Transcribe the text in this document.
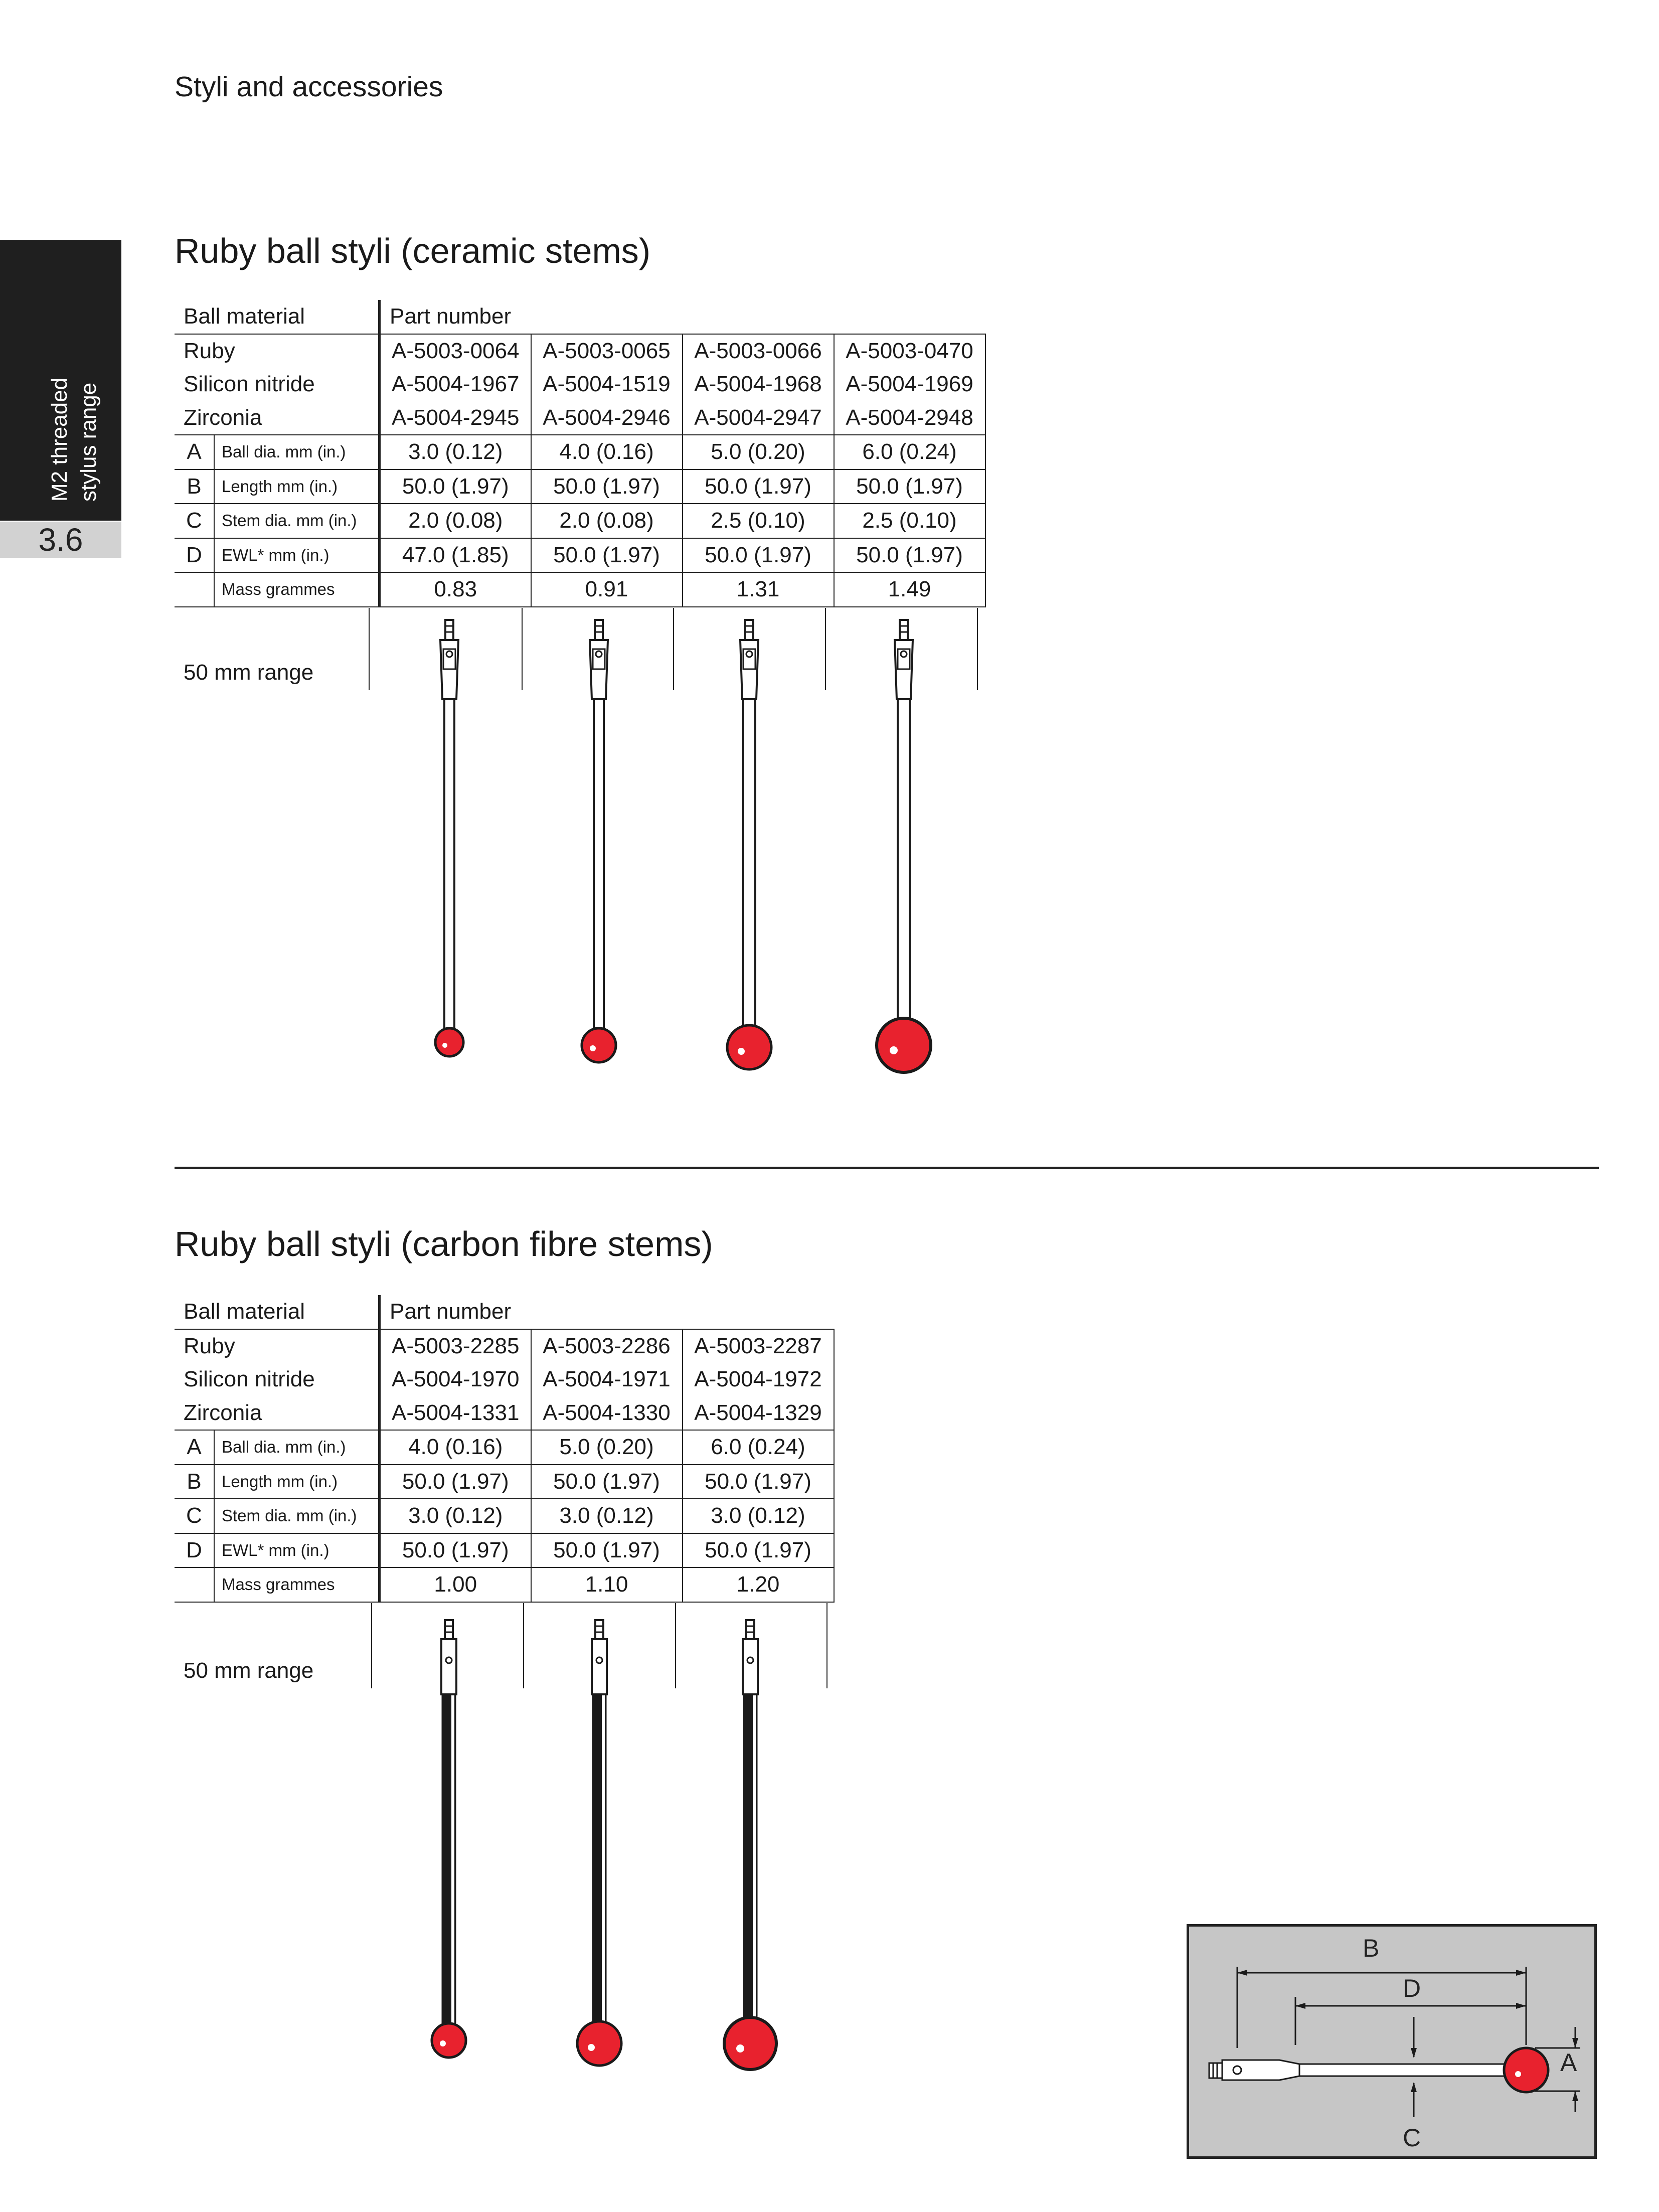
Styli and accessories
M2 threaded stylus range
3.6
Ruby ball styli (ceramic stems)
Ball material		Part number			
Ruby		A-5003-0064	A-5003-0065	A-5003-0066	A-5003-0470
Silicon nitride		A-5004-1967	A-5004-1519	A-5004-1968	A-5004-1969
Zirconia		A-5004-2945	A-5004-2946	A-5004-2947	A-5004-2948
A	Ball dia. mm (in.)	3.0 (0.12)	4.0 (0.16)	5.0 (0.20)	6.0 (0.24)
B	Length mm (in.)	50.0 (1.97)	50.0 (1.97)	50.0 (1.97)	50.0 (1.97)
C	Stem dia. mm (in.)	2.0 (0.08)	2.0 (0.08)	2.5 (0.10)	2.5 (0.10)
D	EWL* mm (in.)	47.0 (1.85)	50.0 (1.97)	50.0 (1.97)	50.0 (1.97)
	Mass grammes	0.83	0.91	1.31	1.49

50 mm range
Ruby ball styli (carbon fibre stems)
Ball material		Part number		
Ruby		A-5003-2285	A-5003-2286	A-5003-2287
Silicon nitride		A-5004-1970	A-5004-1971	A-5004-1972
Zirconia		A-5004-1331	A-5004-1330	A-5004-1329
A	Ball dia. mm (in.)	4.0 (0.16)	5.0 (0.20)	6.0 (0.24)
B	Length mm (in.)	50.0 (1.97)	50.0 (1.97)	50.0 (1.97)
C	Stem dia. mm (in.)	3.0 (0.12)	3.0 (0.12)	3.0 (0.12)
D	EWL* mm (in.)	50.0 (1.97)	50.0 (1.97)	50.0 (1.97)
	Mass grammes	1.00	1.10	1.20

50 mm range
B
D
A
C
